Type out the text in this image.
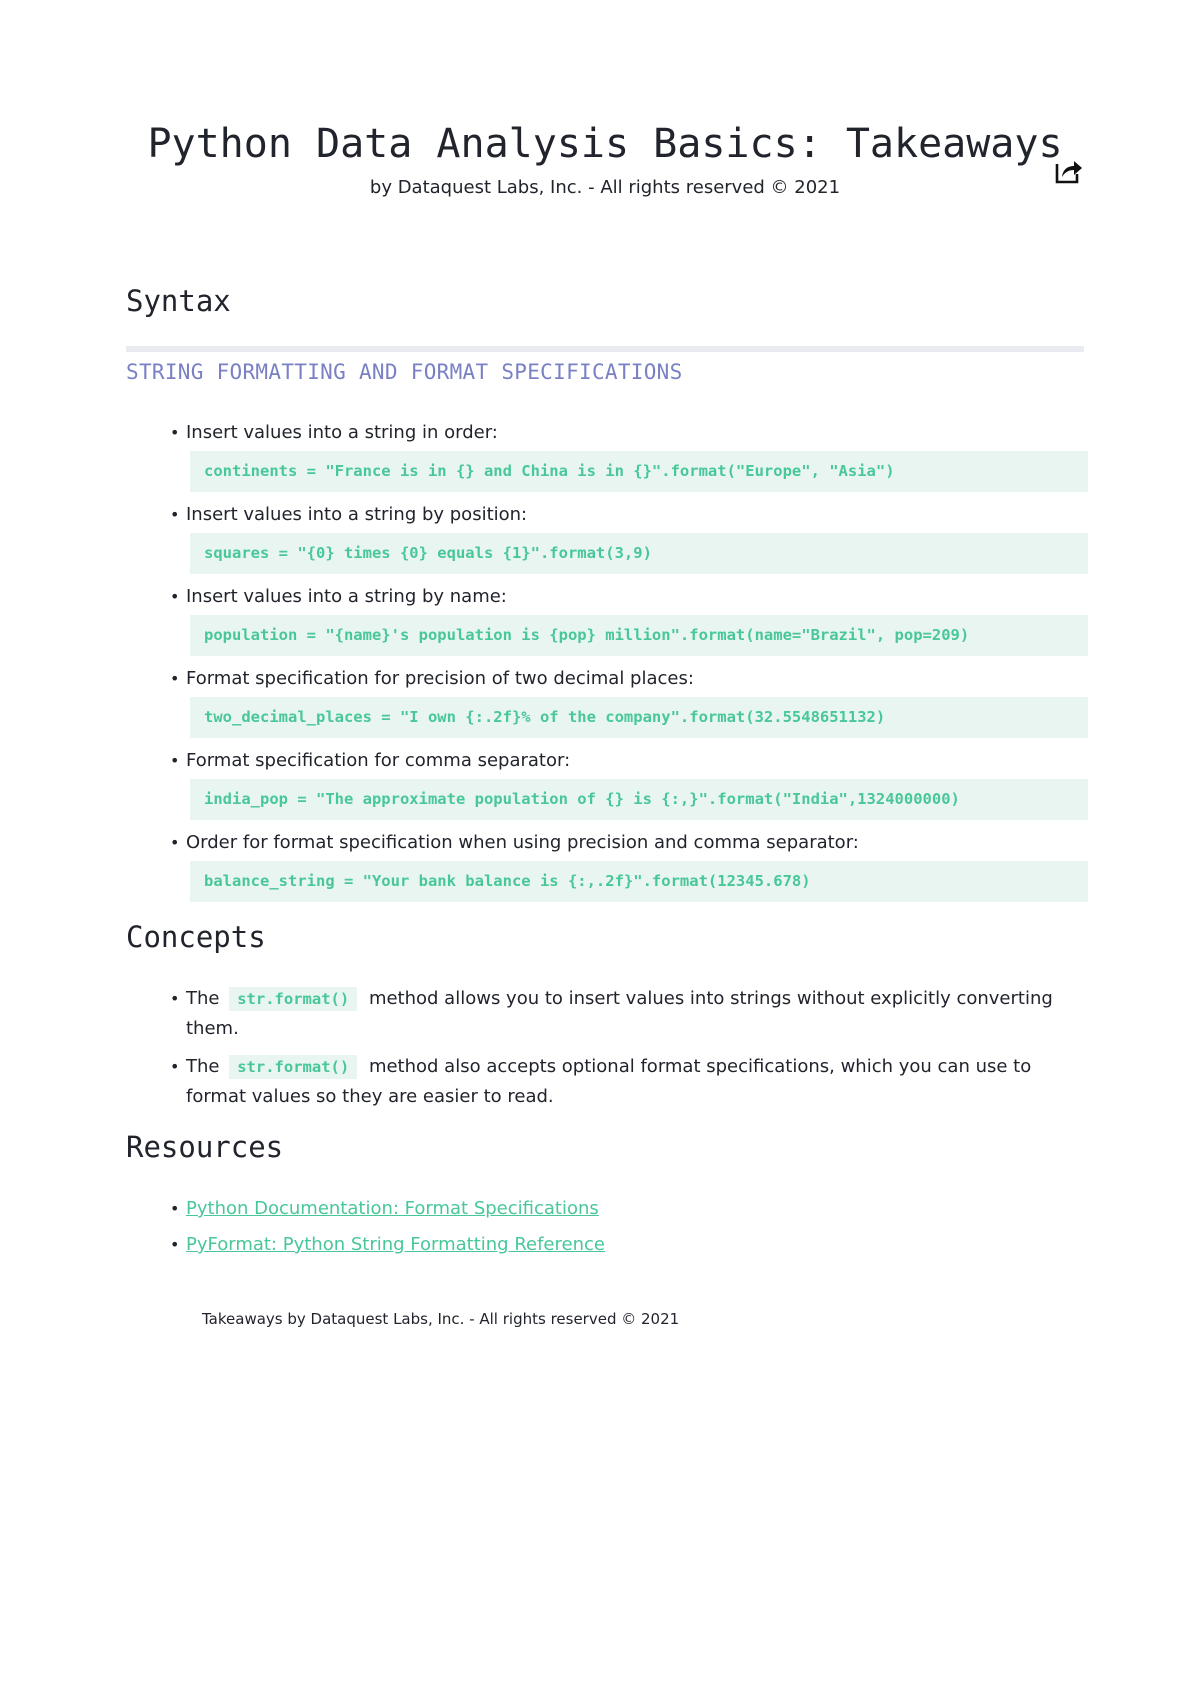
Python Data Analysis Basics: Takeaways
by Dataquest Labs, Inc. - All rights reserved © 2021
Syntax
STRING FORMATTING AND FORMAT SPECIFICATIONS
• Insert values into a string in order:
continents = "France is in {} and China is in {}".format("Europe", "Asia")
• Insert values into a string by position:
squares = "{0} times {0} equals {1}".format(3,9)
• Insert values into a string by name:
population = "{name}'s population is {pop} million".format(name="Brazil", pop=209)
• Format specification for precision of two decimal places:
two_decimal_places = "I own {:.2f}% of the company".format(32.5548651132)
• Format specification for comma separator:
india_pop = "The approximate population of {} is {:,}".format("India",1324000000)
• Order for format specification when using precision and comma separator:
balance_string = "Your bank balance is {:,.2f}".format(12345.678)
Concepts
• The str.format() method allows you to insert values into strings without explicitly converting them.
• The str.format() method also accepts optional format specifications, which you can use to format values so they are easier to read.
Resources
• Python Documentation: Format Specifications
• PyFormat: Python String Formatting Reference
Takeaways by Dataquest Labs, Inc. - All rights reserved © 2021
